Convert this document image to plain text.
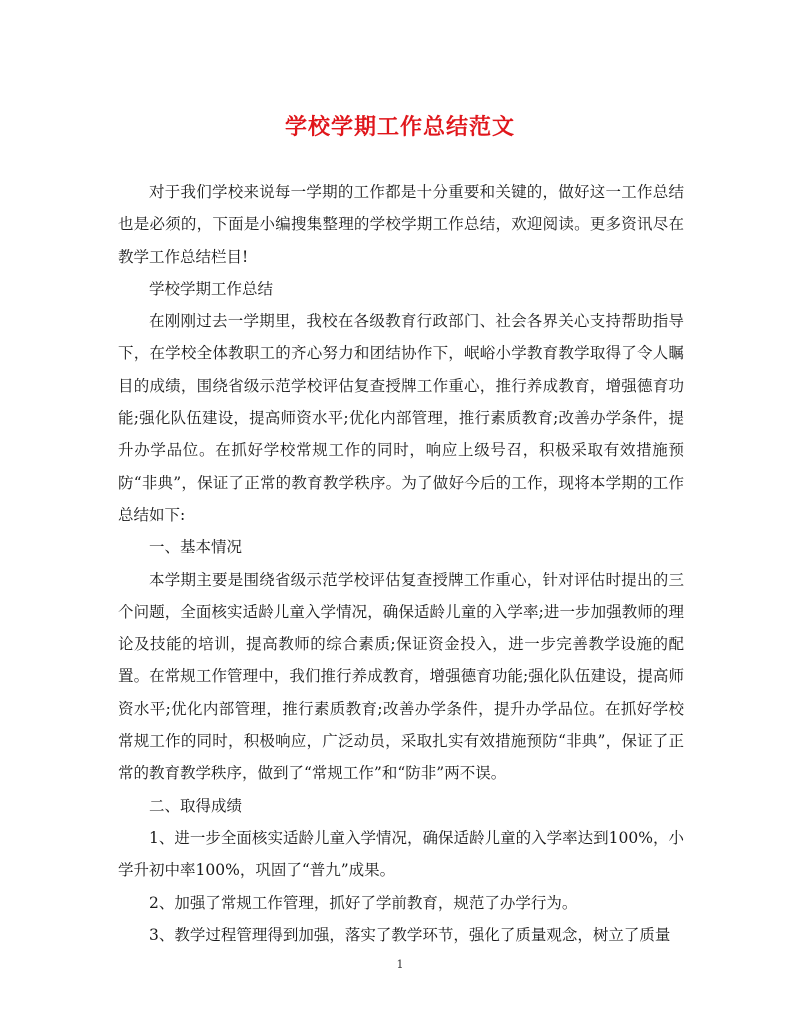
学校学期工作总结范文

对于我们学校来说每一学期的工作都是十分重要和关键的，做好这一工作总结也是必须的，下面是小编搜集整理的学校学期工作总结，欢迎阅读。更多资讯尽在教学工作总结栏目!

学校学期工作总结

在刚刚过去一学期里，我校在各级教育行政部门、社会各界关心支持帮助指导下，在学校全体教职工的齐心努力和团结协作下，岷峪小学教育教学取得了令人瞩目的成绩，围绕省级示范学校评估复查授牌工作重心，推行养成教育，增强德育功能;强化队伍建设，提高师资水平;优化内部管理，推行素质教育;改善办学条件，提升办学品位。在抓好学校常规工作的同时，响应上级号召，积极采取有效措施预防“非典”，保证了正常的教育教学秩序。为了做好今后的工作，现将本学期的工作总结如下:

一、基本情况

本学期主要是围绕省级示范学校评估复查授牌工作重心，针对评估时提出的三个问题，全面核实适龄儿童入学情况，确保适龄儿童的入学率;进一步加强教师的理论及技能的培训，提高教师的综合素质;保证资金投入，进一步完善教学设施的配置。在常规工作管理中，我们推行养成教育，增强德育功能;强化队伍建设，提高师资水平;优化内部管理，推行素质教育;改善办学条件，提升办学品位。在抓好学校常规工作的同时，积极响应，广泛动员，采取扎实有效措施预防“非典”，保证了正常的教育教学秩序，做到了“常规工作”和“防非”两不误。

二、取得成绩

1、进一步全面核实适龄儿童入学情况，确保适龄儿童的入学率达到100%，小学升初中率100%，巩固了“普九”成果。

2、加强了常规工作管理，抓好了学前教育，规范了办学行为。

3、教学过程管理得到加强，落实了教学环节，强化了质量观念，树立了质量

1
